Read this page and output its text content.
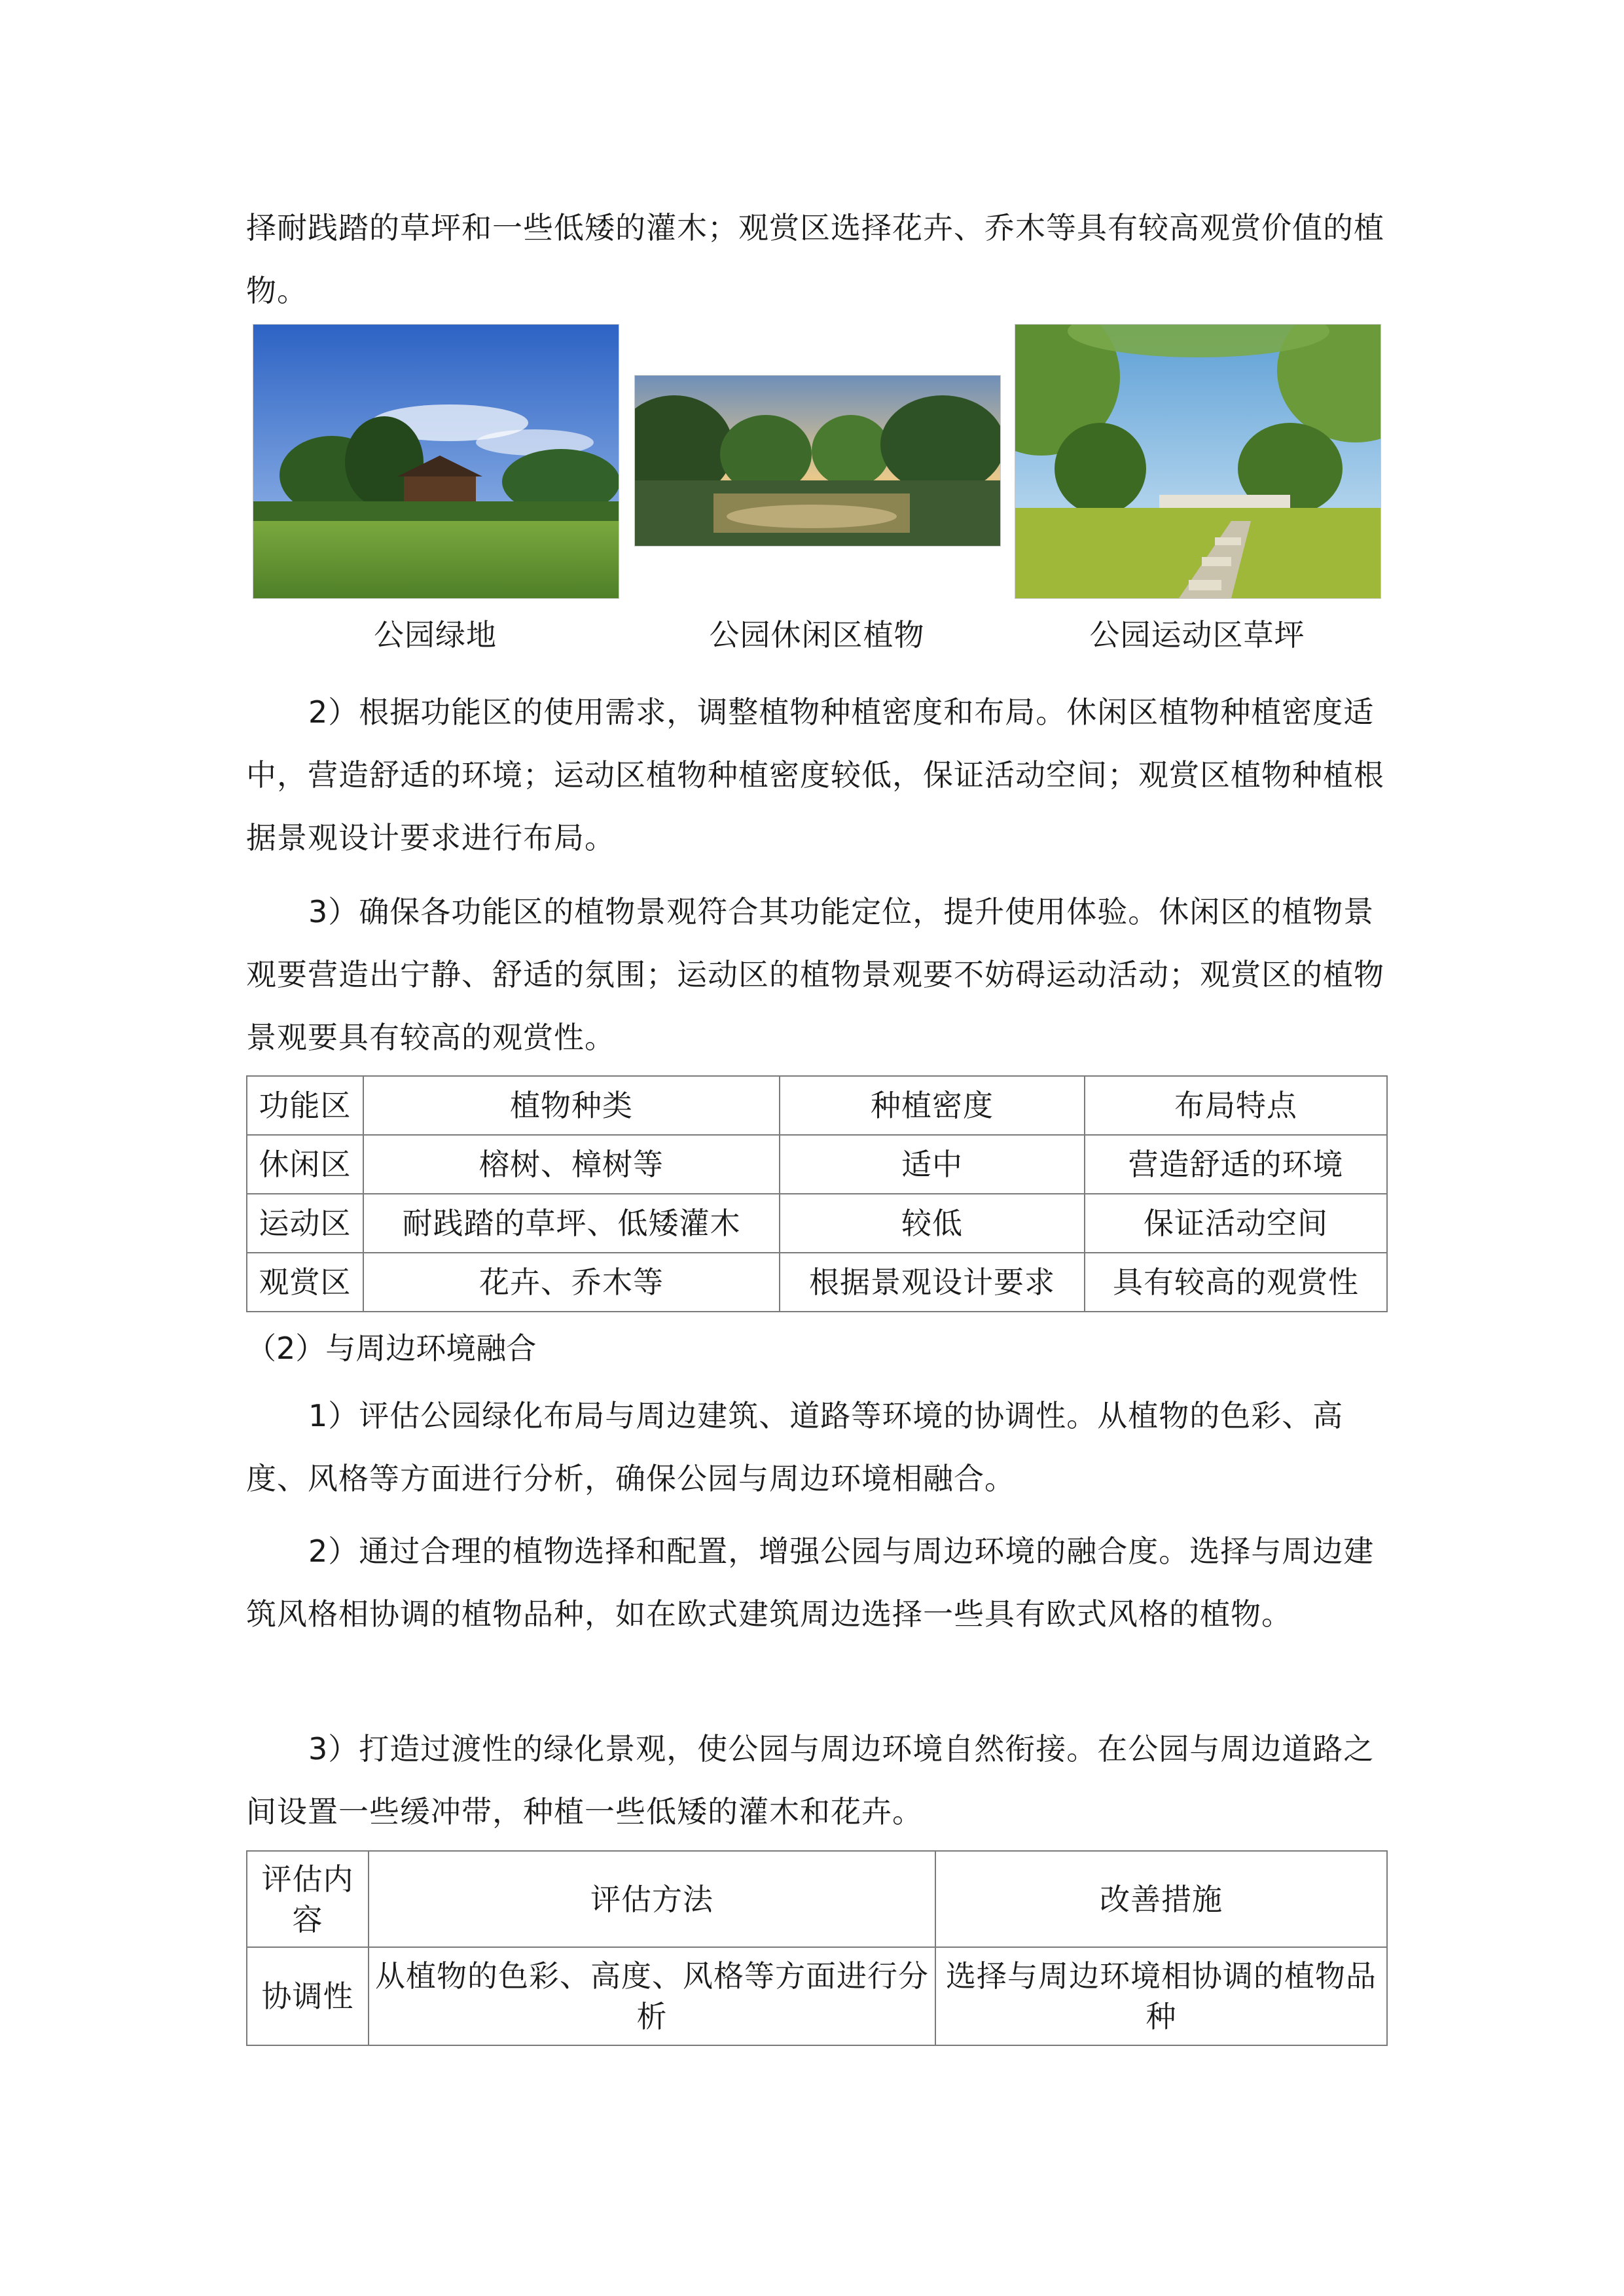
择耐践踏的草坪和一些低矮的灌木；观赏区选择花卉、乔木等具有较高观赏价值的植物。

公园绿地	公园休闲区植物	公园运动区草坪

2）根据功能区的使用需求，调整植物种植密度和布局。休闲区植物种植密度适中，营造舒适的环境；运动区植物种植密度较低，保证活动空间；观赏区植物种植根据景观设计要求进行布局。

3）确保各功能区的植物景观符合其功能定位，提升使用体验。休闲区的植物景观要营造出宁静、舒适的氛围；运动区的植物景观要不妨碍运动活动；观赏区的植物景观要具有较高的观赏性。

功能区	植物种类	种植密度	布局特点
休闲区	榕树、樟树等	适中	营造舒适的环境
运动区	耐践踏的草坪、低矮灌木	较低	保证活动空间
观赏区	花卉、乔木等	根据景观设计要求	具有较高的观赏性

（2）与周边环境融合

1）评估公园绿化布局与周边建筑、道路等环境的协调性。从植物的色彩、高度、风格等方面进行分析，确保公园与周边环境相融合。

2）通过合理的植物选择和配置，增强公园与周边环境的融合度。选择与周边建筑风格相协调的植物品种，如在欧式建筑周边选择一些具有欧式风格的植物。

3）打造过渡性的绿化景观，使公园与周边环境自然衔接。在公园与周边道路之间设置一些缓冲带，种植一些低矮的灌木和花卉。

评估内容	评估方法	改善措施
协调性	从植物的色彩、高度、风格等方面进行分析	选择与周边环境相协调的植物品种
